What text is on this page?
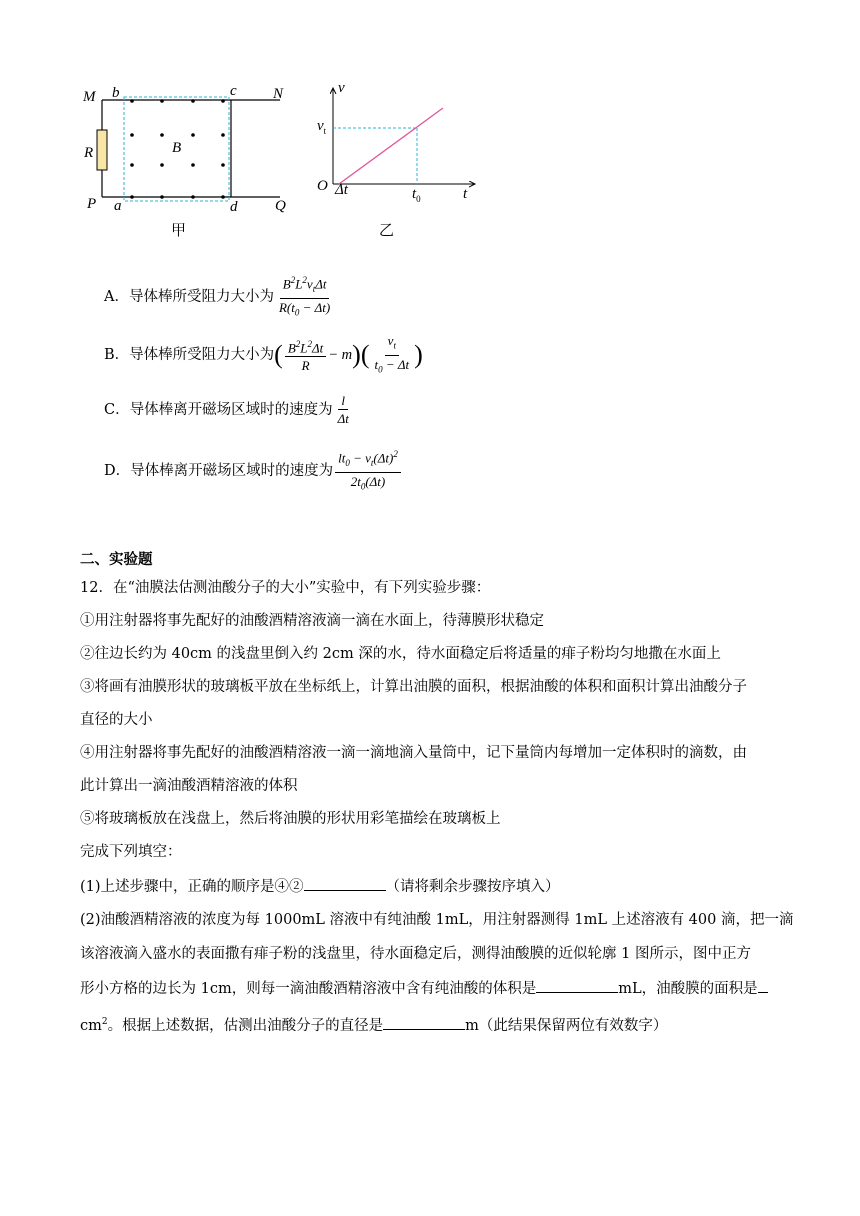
M b	c N
R	B
P a	d	Q
甲
v
$v_t$
O Δt	$t_0$	t
乙
A．导体棒所受阻力大小为 $\frac{B^2L^2v_t\Delta t}{R(t_0 - \Delta t)}$
B．导体棒所受阻力大小为 ( $\frac{B^2L^2\Delta t}{R} - m$ )( $\frac{v_t}{t_0 - \Delta t}$ )
C．导体棒离开磁场区域时的速度为 $\frac{l}{\Delta t}$
D．导体棒离开磁场区域时的速度为 $\frac{lt_0 - v_t(\Delta t)^2}{2t_0(\Delta t)}$
二、实验题
12．在“油膜法估测油酸分子的大小”实验中，有下列实验步骤：
①用注射器将事先配好的油酸酒精溶液滴一滴在水面上，待薄膜形状稳定
②往边长约为 40cm 的浅盘里倒入约 2cm 深的水，待水面稳定后将适量的痱子粉均匀地撒在水面上
③将画有油膜形状的玻璃板平放在坐标纸上，计算出油膜的面积，根据油酸的体积和面积计算出油酸分子
直径的大小
④用注射器将事先配好的油酸酒精溶液一滴一滴地滴入量筒中，记下量筒内每增加一定体积时的滴数，由
此计算出一滴油酸酒精溶液的体积
⑤将玻璃板放在浅盘上，然后将油膜的形状用彩笔描绘在玻璃板上
完成下列填空：
(1)上述步骤中，正确的顺序是④②	（请将剩余步骤按序填入）
(2)油酸酒精溶液的浓度为每 1000mL 溶液中有纯油酸 1mL，用注射器测得 1mL 上述溶液有 400 滴，把一滴
该溶液滴入盛水的表面撒有痱子粉的浅盘里，待水面稳定后，测得油酸膜的近似轮廓 1 图所示，图中正方
形小方格的边长为 1cm，则每一滴油酸酒精溶液中含有纯油酸的体积是	mL，油酸膜的面积是
$cm^2$。根据上述数据，估测出油酸分子的直径是	m（此结果保留两位有效数字）
